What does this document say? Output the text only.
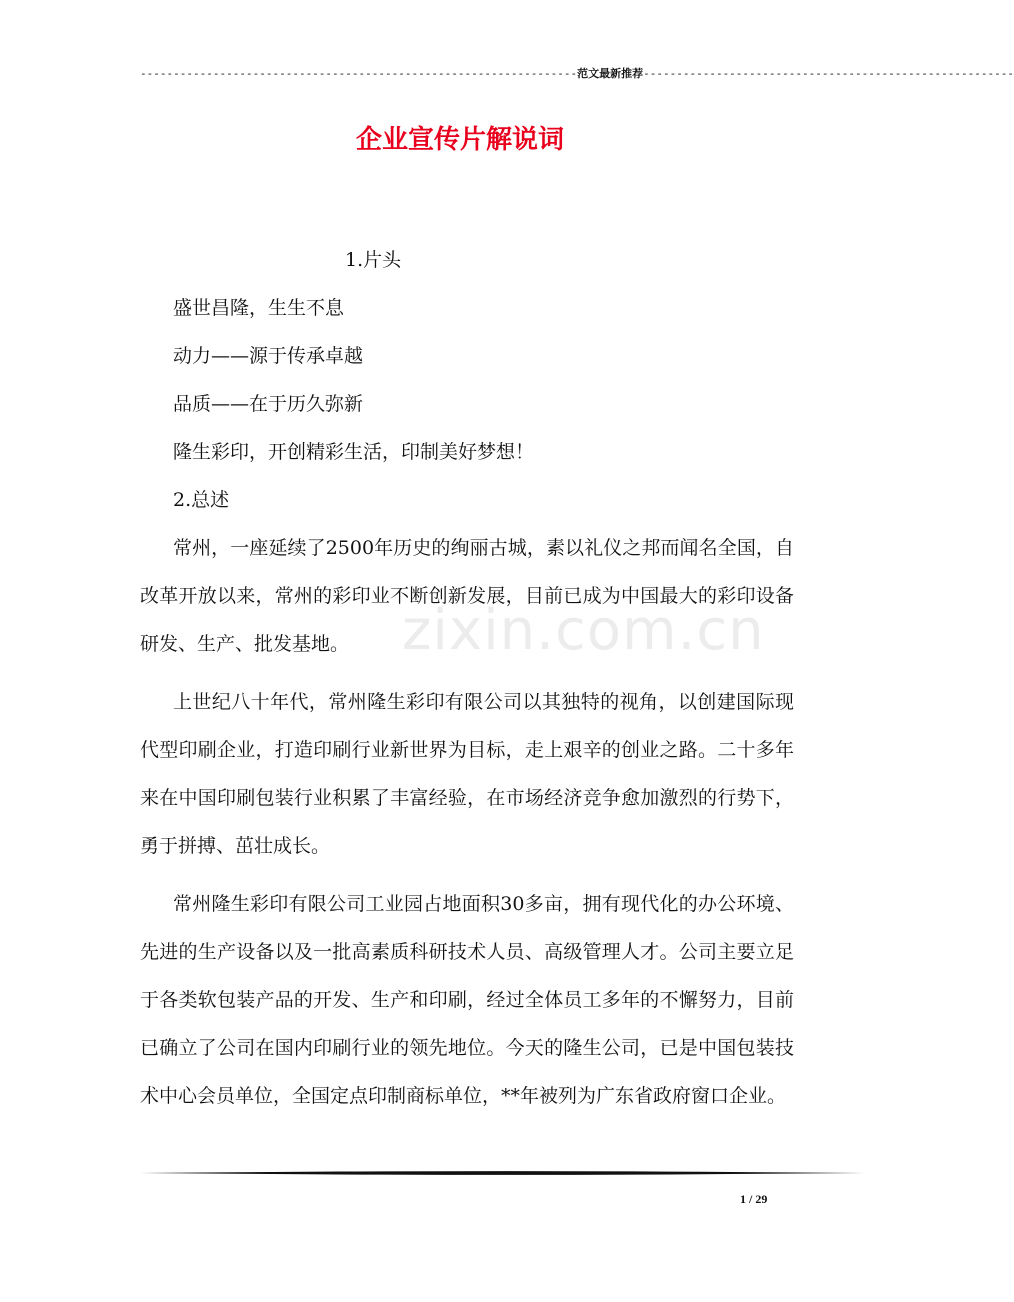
------------------------------------------------------------------范文最新推荐--------------------------------------------------------
企业宣传片解说词
zixin.com.cn
1.片头
盛世昌隆，生生不息
动力——源于传承卓越
品质——在于历久弥新
隆生彩印，开创精彩生活，印制美好梦想！
2.总述

常州，一座延续了2500年历史的绚丽古城，素以礼仪之邦而闻名全国，自改革开放以来，常州的彩印业不断创新发展，目前已成为中国最大的彩印设备研发、生产、批发基地。

上世纪八十年代，常州隆生彩印有限公司以其独特的视角，以创建国际现代型印刷企业，打造印刷行业新世界为目标，走上艰辛的创业之路。二十多年来在中国印刷包装行业积累了丰富经验，在市场经济竞争愈加激烈的行势下，勇于拼搏、茁壮成长。

常州隆生彩印有限公司工业园占地面积30多亩，拥有现代化的办公环境、先进的生产设备以及一批高素质科研技术人员、高级管理人才。公司主要立足于各类软包装产品的开发、生产和印刷，经过全体员工多年的不懈努力，目前已确立了公司在国内印刷行业的领先地位。今天的隆生公司，已是中国包装技术中心会员单位，全国定点印制商标单位，**年被列为广东省政府窗口企业。

1 / 29
